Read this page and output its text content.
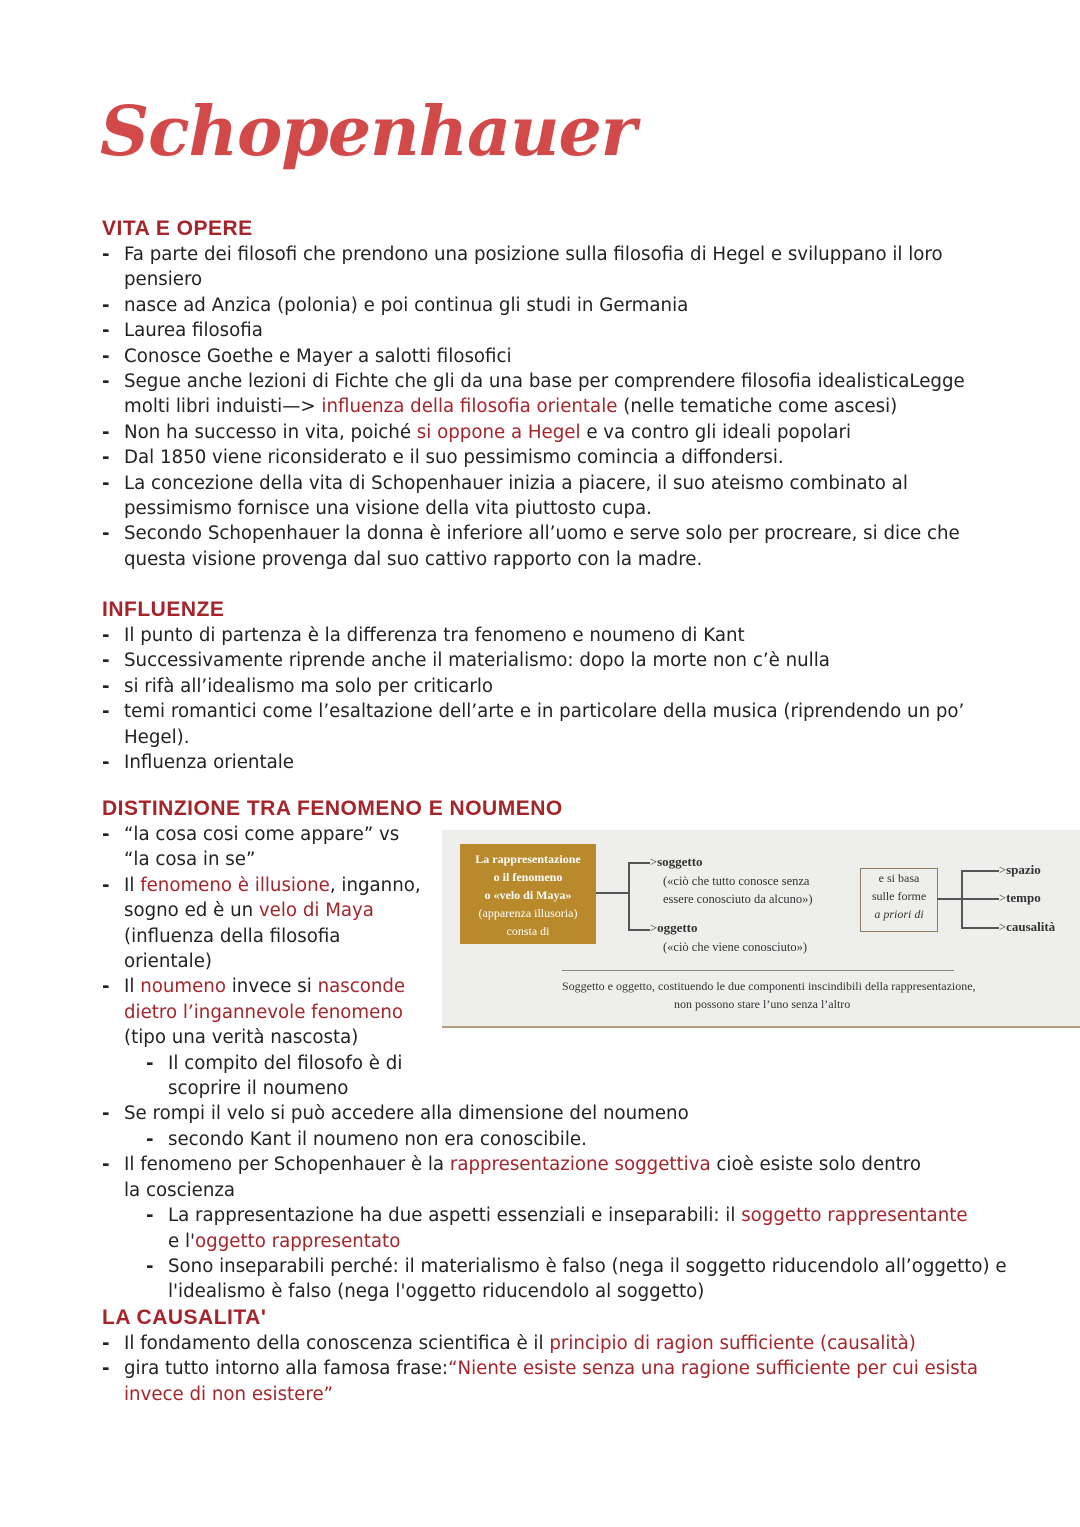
Schopenhauer
VITA E OPERE
- Fa parte dei filosofi che prendono una posizione sulla filosofia di Hegel e sviluppano il loro pensiero
- nasce ad Anzica (polonia) e poi continua gli studi in Germania
- Laurea filosofia
- Conosce Goethe e Mayer a salotti filosofici
- Segue anche lezioni di Fichte che gli da una base per comprendere filosofia idealisticaLegge molti libri induisti—> influenza della filosofia orientale (nelle tematiche come ascesi)
- Non ha successo in vita, poiché si oppone a Hegel e va contro gli ideali popolari
- Dal 1850 viene riconsiderato e il suo pessimismo comincia a diffondersi.
- La concezione della vita di Schopenhauer inizia a piacere, il suo ateismo combinato al pessimismo fornisce una visione della vita piuttosto cupa.
- Secondo Schopenhauer la donna è inferiore all’uomo e serve solo per procreare, si dice che questa visione provenga dal suo cattivo rapporto con la madre.
INFLUENZE
- Il punto di partenza è la differenza tra fenomeno e noumeno di Kant
- Successivamente riprende anche il materialismo: dopo la morte non c’è nulla
- si rifà all’idealismo ma solo per criticarlo
- temi romantici come l’esaltazione dell’arte e in particolare della musica (riprendendo un po’ Hegel).
- Influenza orientale
DISTINZIONE TRA FENOMENO E NOUMENO
- “la cosa cosi come appare” vs “la cosa in se”
- Il fenomeno è illusione, inganno, sogno ed è un velo di Maya (influenza della filosofia orientale)
- Il noumeno invece si nasconde dietro l’ingannevole fenomeno (tipo una verità nascosta)
- Il compito del filosofo è di scoprire il noumeno
- Se rompi il velo si può accedere alla dimensione del noumeno
- secondo Kant il noumeno non era conoscibile.
- Il fenomeno per Schopenhauer è la rappresentazione soggettiva cioè esiste solo dentro la coscienza
- La rappresentazione ha due aspetti essenziali e inseparabili: il soggetto rappresentante e l'oggetto rappresentato
- Sono inseparabili perché: il materialismo è falso (nega il soggetto riducendolo all’oggetto) e l'idealismo è falso (nega l'oggetto riducendolo al soggetto)
La rappresentazione
o il fenomeno
o «velo di Maya»
(apparenza illusoria)
consta di
>soggetto
(«ciò che tutto conosce senza essere conosciuto da alcuno»)
>oggetto
(«ciò che viene conosciuto»)
e si basa
sulle forme
a priori di
>spazio
>tempo
>causalità
Soggetto e oggetto, costituendo le due componenti inscindibili della rappresentazione,
non possono stare l’uno senza l’altro
LA CAUSALITA'
- Il fondamento della conoscenza scientifica è il principio di ragion sufficiente (causalità)
- gira tutto intorno alla famosa frase:“Niente esiste senza una ragione sufficiente per cui esista invece di non esistere”
